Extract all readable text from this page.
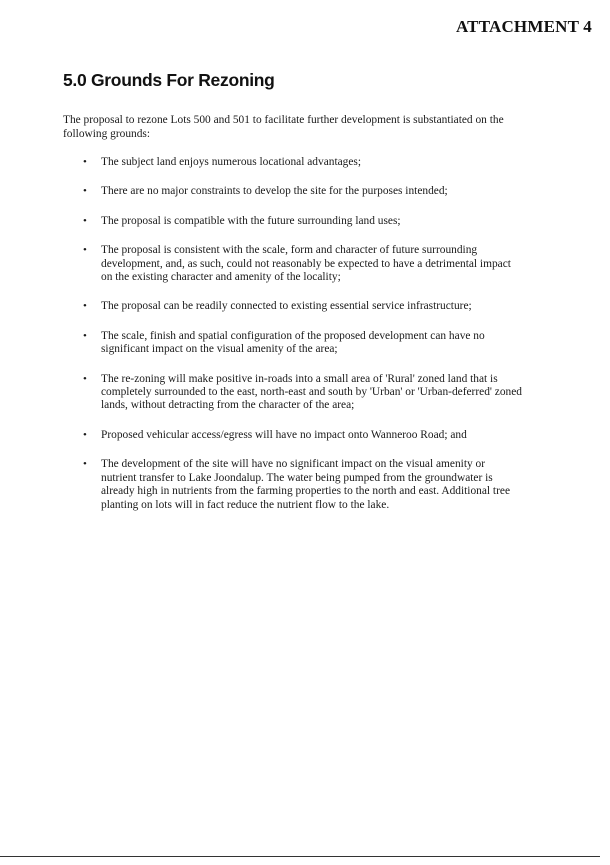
ATTACHMENT 4
5.0 Grounds For Rezoning

The proposal to rezone Lots 500 and 501 to facilitate further development is substantiated on the following grounds:

• The subject land enjoys numerous locational advantages;
• There are no major constraints to develop the site for the purposes intended;
• The proposal is compatible with the future surrounding land uses;
• The proposal is consistent with the scale, form and character of future surrounding development, and, as such, could not reasonably be expected to have a detrimental impact on the existing character and amenity of the locality;
• The proposal can be readily connected to existing essential service infrastructure;
• The scale, finish and spatial configuration of the proposed development can have no significant impact on the visual amenity of the area;
• The re-zoning will make positive in-roads into a small area of 'Rural' zoned land that is completely surrounded to the east, north-east and south by 'Urban' or 'Urban-deferred' zoned lands, without detracting from the character of the area;
• Proposed vehicular access/egress will have no impact onto Wanneroo Road; and
• The development of the site will have no significant impact on the visual amenity or nutrient transfer to Lake Joondalup. The water being pumped from the groundwater is already high in nutrients from the farming properties to the north and east. Additional tree planting on lots will in fact reduce the nutrient flow to the lake.
